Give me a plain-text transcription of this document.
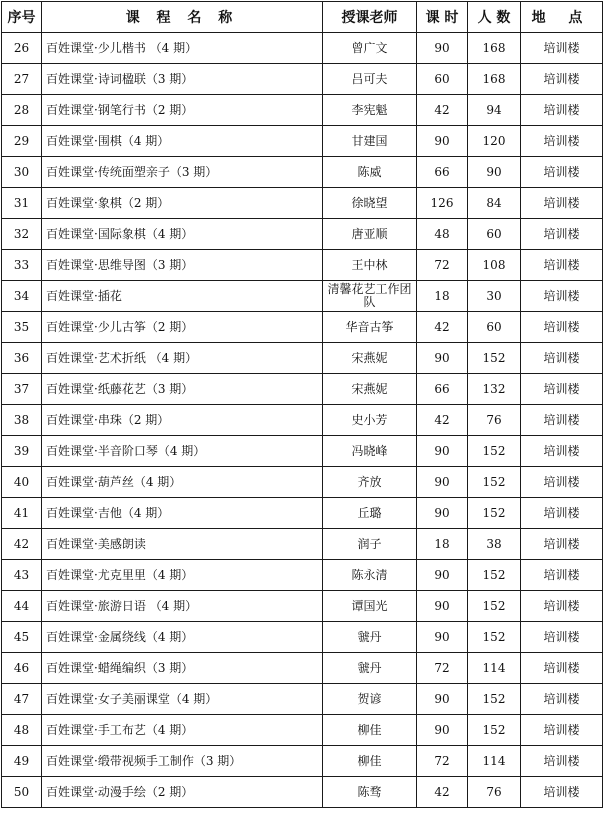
序号	课 程 名 称	授课老师	课 时	人 数	地 点
26	百姓课堂·少儿楷书 （4 期）	曾广文	90	168	培训楼
27	百姓课堂·诗词楹联（3 期）	吕可夫	60	168	培训楼
28	百姓课堂·钢笔行书（2 期）	李宪魁	42	94	培训楼
29	百姓课堂·围棋（4 期）	甘建国	90	120	培训楼
30	百姓课堂·传统面塑亲子（3 期）	陈威	66	90	培训楼
31	百姓课堂·象棋（2 期）	徐晓望	126	84	培训楼
32	百姓课堂·国际象棋（4 期）	唐亚顺	48	60	培训楼
33	百姓课堂·思维导图（3 期）	王中林	72	108	培训楼
34	百姓课堂·插花	清馨花艺工作团队	18	30	培训楼
35	百姓课堂·少儿古筝（2 期）	华音古筝	42	60	培训楼
36	百姓课堂·艺术折纸 （4 期）	宋燕妮	90	152	培训楼
37	百姓课堂·纸藤花艺（3 期）	宋燕妮	66	132	培训楼
38	百姓课堂·串珠（2 期）	史小芳	42	76	培训楼
39	百姓课堂·半音阶口琴（4 期）	冯晓峰	90	152	培训楼
40	百姓课堂·葫芦丝（4 期）	齐放	90	152	培训楼
41	百姓课堂·吉他（4 期）	丘璐	90	152	培训楼
42	百姓课堂·美感朗读	润子	18	38	培训楼
43	百姓课堂·尤克里里（4 期）	陈永清	90	152	培训楼
44	百姓课堂·旅游日语 （4 期）	谭国光	90	152	培训楼
45	百姓课堂·金属绕线（4 期）	虢丹	90	152	培训楼
46	百姓课堂·蜡绳编织（3 期）	虢丹	72	114	培训楼
47	百姓课堂·女子美丽课堂（4 期）	贺谚	90	152	培训楼
48	百姓课堂·手工布艺（4 期）	柳佳	90	152	培训楼
49	百姓课堂·缎带视频手工制作（3 期）	柳佳	72	114	培训楼
50	百姓课堂·动漫手绘（2 期）	陈骛	42	76	培训楼
